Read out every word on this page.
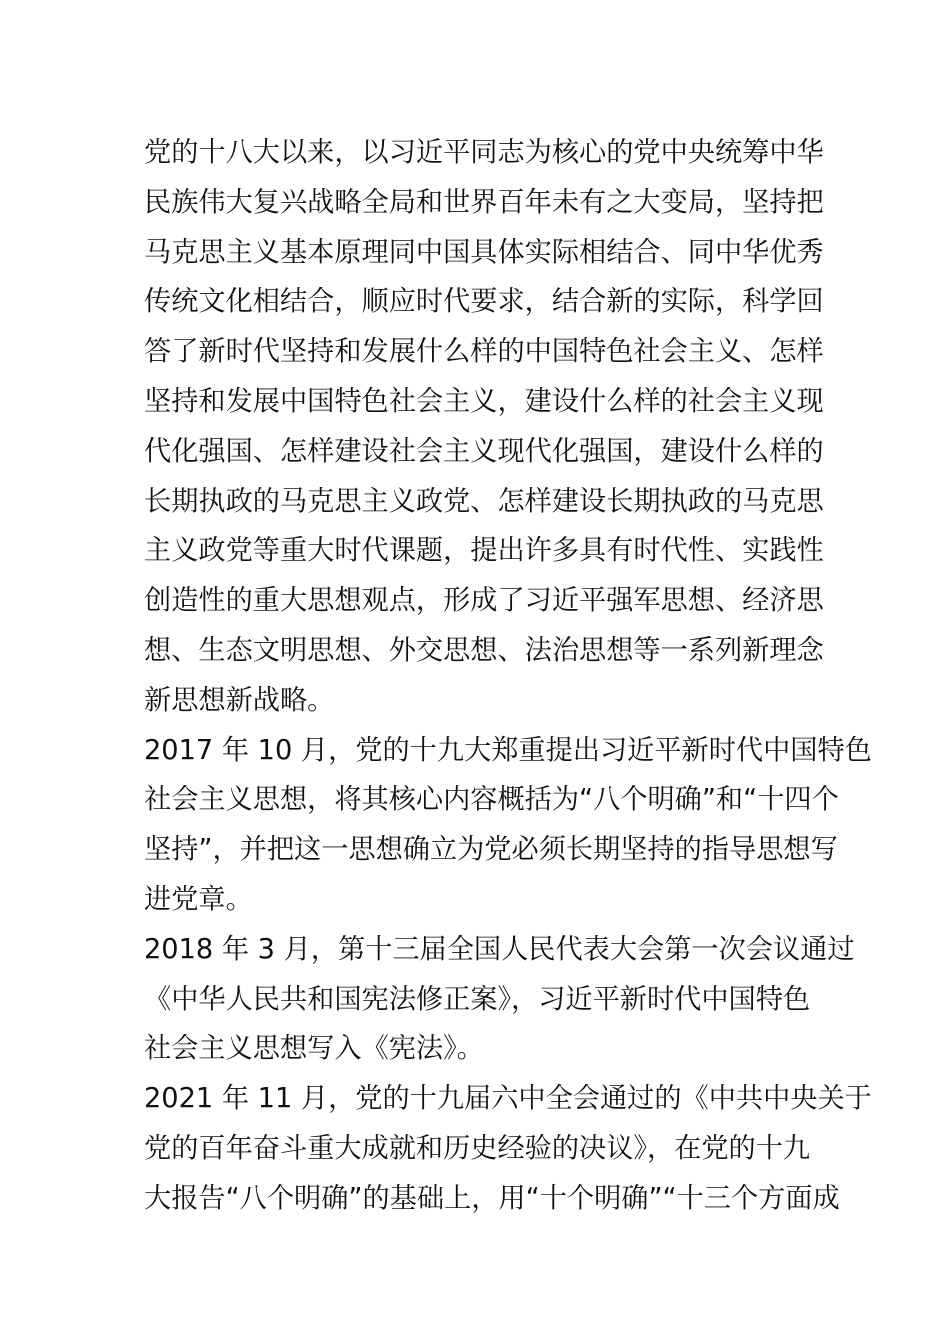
党的十八大以来，以习近平同志为核心的党中央统筹中华
民族伟大复兴战略全局和世界百年未有之大变局，坚持把
马克思主义基本原理同中国具体实际相结合、同中华优秀
传统文化相结合，顺应时代要求，结合新的实际，科学回
答了新时代坚持和发展什么样的中国特色社会主义、怎样
坚持和发展中国特色社会主义，建设什么样的社会主义现
代化强国、怎样建设社会主义现代化强国，建设什么样的
长期执政的马克思主义政党、怎样建设长期执政的马克思
主义政党等重大时代课题，提出许多具有时代性、实践性
创造性的重大思想观点，形成了习近平强军思想、经济思
想、生态文明思想、外交思想、法治思想等一系列新理念
新思想新战略。
2017 年 10 月，党的十九大郑重提出习近平新时代中国特色
社会主义思想，将其核心内容概括为“八个明确”和“十四个
坚持”，并把这一思想确立为党必须长期坚持的指导思想写
进党章。
2018 年 3 月，第十三届全国人民代表大会第一次会议通过
《中华人民共和国宪法修正案》，习近平新时代中国特色
社会主义思想写入《宪法》。
2021 年 11 月，党的十九届六中全会通过的《中共中央关于
党的百年奋斗重大成就和历史经验的决议》，在党的十九
大报告“八个明确”的基础上，用“十个明确”“十三个方面成
